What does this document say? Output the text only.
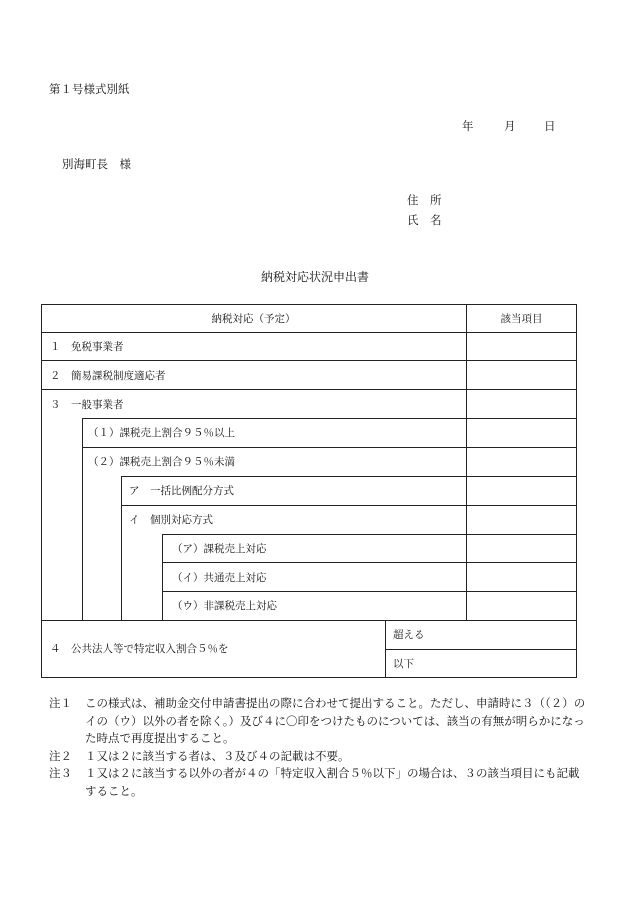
第１号様式別紙
年	月 日
別海町長　様
住　所
氏　名
納税対応状況申出書
納税対応（予定）	該当項目
１　免税事業者
２　簡易課税制度適応者
３　一般事業者
（１）課税売上割合９５％以上
（２）課税売上割合９５％未満
ア　一括比例配分方式
イ　個別対応方式
（ア）課税売上対応
（イ）共通売上対応
（ウ）非課税売上対応
４　公共法人等で特定収入割合５％を
超える
以下
注１	この様式は、補助金交付申請書提出の際に合わせて提出すること。ただし、申請時に３（（２）のイの（ウ）以外の者を除く。）及び４に〇印をつけたものについては、該当の有無が明らかになった時点で再度提出すること。
注２	１又は２に該当する者は、３及び４の記載は不要。
注３	１又は２に該当する以外の者が４の「特定収入割合５％以下」の場合は、３の該当項目にも記載すること。
